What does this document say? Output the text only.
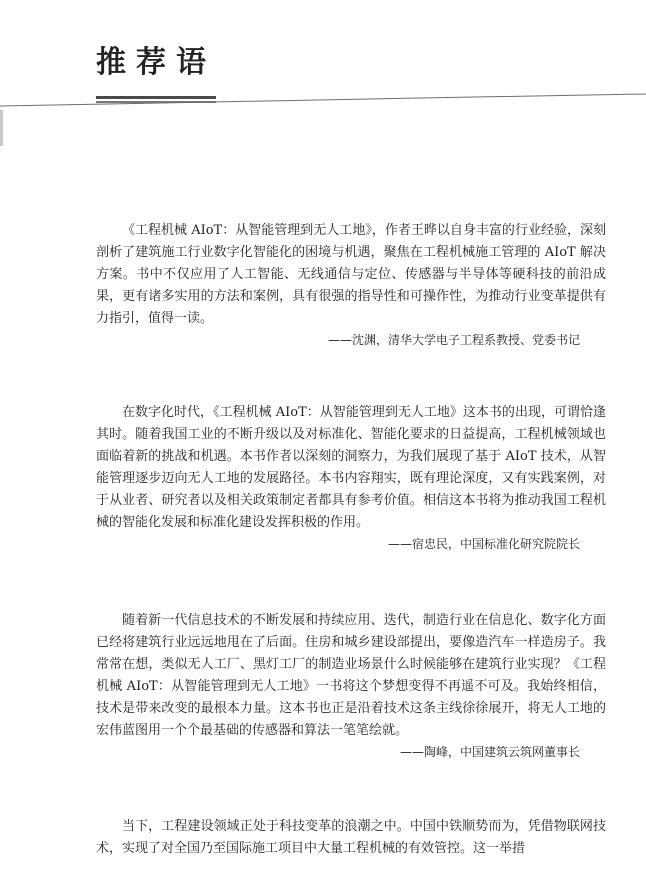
推荐语

《工程机械 AIoT：从智能管理到无人工地》，作者王晔以自身丰富的行业经验，深刻剖析了建筑施工行业数字化智能化的困境与机遇，聚焦在工程机械施工管理的 AIoT 解决方案。书中不仅应用了人工智能、无线通信与定位、传感器与半导体等硬科技的前沿成果，更有诸多实用的方法和案例，具有很强的指导性和可操作性，为推动行业变革提供有力指引，值得一读。

——沈渊，清华大学电子工程系教授、党委书记

在数字化时代，《工程机械 AIoT：从智能管理到无人工地》这本书的出现，可谓恰逢其时。随着我国工业的不断升级以及对标准化、智能化要求的日益提高，工程机械领域也面临着新的挑战和机遇。本书作者以深刻的洞察力，为我们展现了基于 AIoT 技术，从智能管理逐步迈向无人工地的发展路径。本书内容翔实，既有理论深度，又有实践案例，对于从业者、研究者以及相关政策制定者都具有参考价值。相信这本书将为推动我国工程机械的智能化发展和标准化建设发挥积极的作用。

——宿忠民，中国标准化研究院院长

随着新一代信息技术的不断发展和持续应用、迭代，制造行业在信息化、数字化方面已经将建筑行业远远地甩在了后面。住房和城乡建设部提出，要像造汽车一样造房子。我常常在想，类似无人工厂、黑灯工厂的制造业场景什么时候能够在建筑行业实现？《工程机械 AIoT：从智能管理到无人工地》一书将这个梦想变得不再遥不可及。我始终相信，技术是带来改变的最根本力量。这本书也正是沿着技术这条主线徐徐展开，将无人工地的宏伟蓝图用一个个最基础的传感器和算法一笔笔绘就。

——陶峰，中国建筑云筑网董事长

当下，工程建设领域正处于科技变革的浪潮之中。中国中铁顺势而为，凭借物联网技术，实现了对全国乃至国际施工项目中大量工程机械的有效管控。这一举措
